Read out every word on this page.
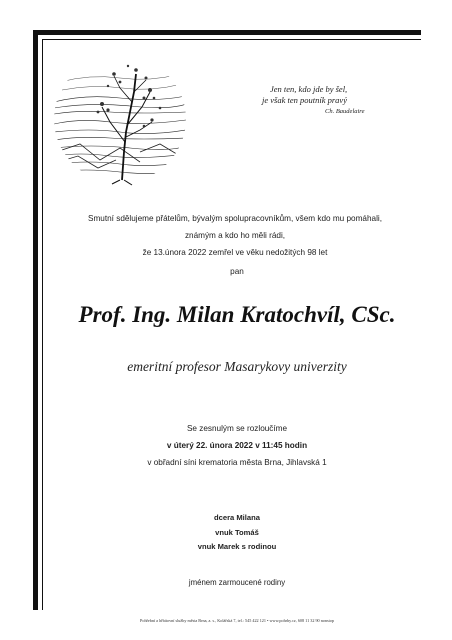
Jen ten, kdo jde by šel,
je však ten poutník pravý
Ch. Baudelaire
Smutní sdělujeme přátelům, bývalým spolupracovníkům, všem kdo mu pomáhali,
známým a kdo ho měli rádi,
že 13.února 2022 zemřel ve věku nedožitých 98 let
pan
Prof. Ing. Milan Kratochvíl, CSc.
emeritní profesor Masarykovy univerzity
Se zesnulým se rozloučíme
v úterý 22. února 2022 v 11:45 hodin
v obřadní síni krematoria města Brna, Jihlavská 1
dcera Milana
vnuk Tomáš
vnuk Marek s rodinou
jménem zarmoucené rodiny
Pohřební a hřbitovní služby města Brna, a. s., Kolářská 7, tel.: 545 422 121 • www.pohrby.cz, 608 11 32 90 nonstop
